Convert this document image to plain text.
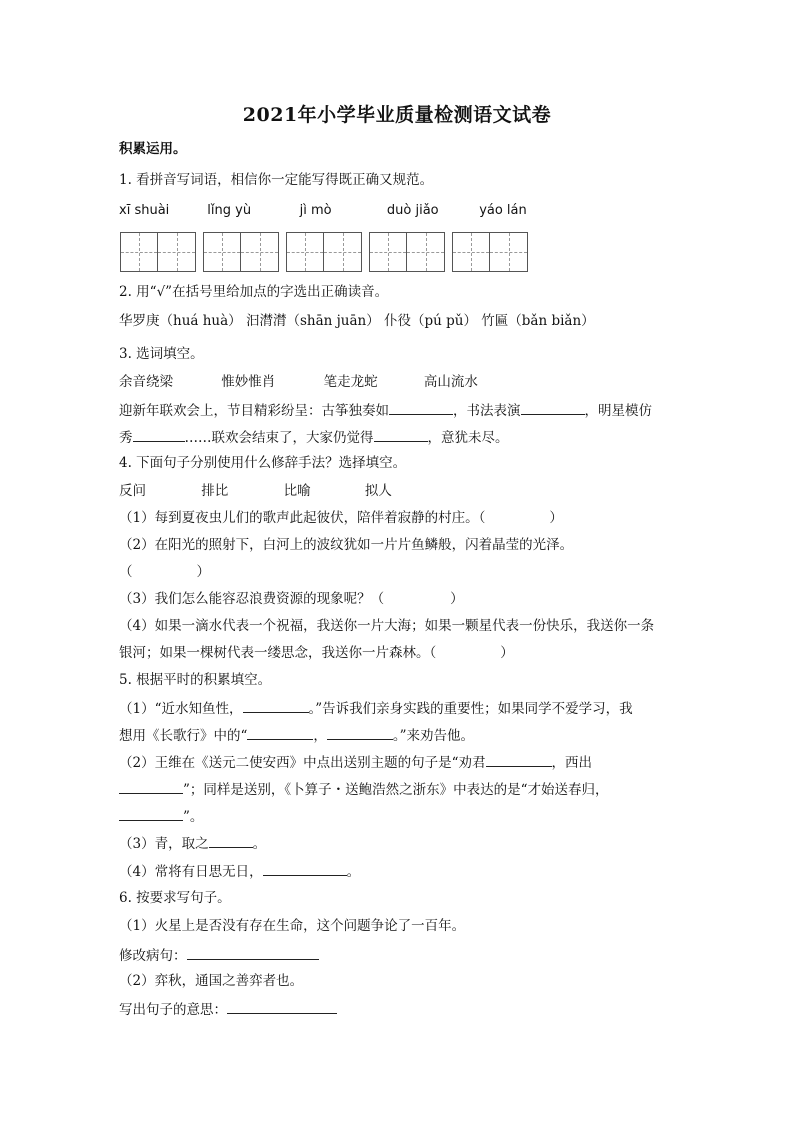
2021年小学毕业质量检测语文试卷
积累运用。
1. 看拼音写词语，相信你一定能写得既正确又规范。
xī shuài	lǐng yù	jì mò	duò jiǎo	yáo lán
2. 用“√”在括号里给加点的字选出正确读音。
华罗庚（huá huà） 汩潸潸（shān juān） 仆役（pú pǔ） 竹匾（bǎn biǎn）
3. 选词填空。
余音绕梁	惟妙惟肖	笔走龙蛇	高山流水
迎新年联欢会上，节目精彩纷呈：古筝独奏如	，书法表演	，明星模仿
秀	……联欢会结束了，大家仍觉得	，意犹未尽。
4. 下面句子分别使用什么修辞手法？选择填空。
反问	排比	比喻	拟人
（1）每到夏夜虫儿们的歌声此起彼伏，陪伴着寂静的村庄。（	）
（2）在阳光的照射下，白河上的波纹犹如一片片鱼鳞般，闪着晶莹的光泽。
（	）
（3）我们怎么能容忍浪费资源的现象呢？（	）
（4）如果一滴水代表一个祝福，我送你一片大海；如果一颗星代表一份快乐，我送你一条
银河；如果一棵树代表一缕思念，我送你一片森林。（	）
5. 根据平时的积累填空。
（1）“近水知鱼性，	。”告诉我们亲身实践的重要性；如果同学不爱学习，我
想用《长歌行》中的“	，	。”来劝告他。
（2）王维在《送元二使安西》中点出送别主题的句子是“劝君	，西出
”；同样是送别，《卜算子・送鲍浩然之浙东》中表达的是“才始送春归，
”。
（3）青，取之	。
（4）常将有日思无日，	。
6. 按要求写句子。
（1）火星上是否没有存在生命，这个问题争论了一百年。
修改病句：
（2）弈秋，通国之善弈者也。
写出句子的意思：
